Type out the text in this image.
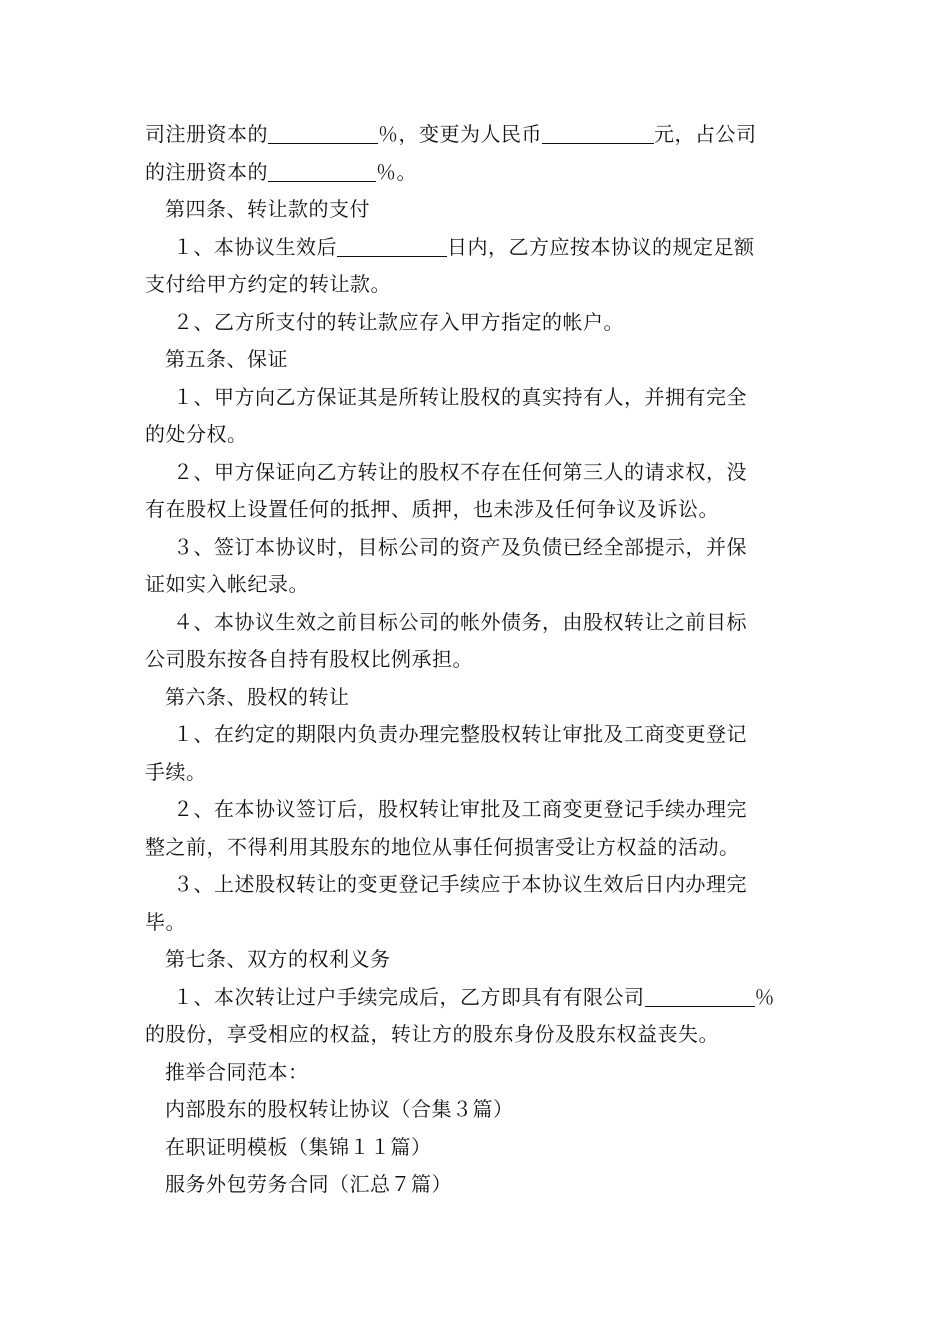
司注册资本的	％，变更为人民币	元，占公司
的注册资本的	％。
第四条、转让款的支付
１、本协议生效后	日内，乙方应按本协议的规定足额
支付给甲方约定的转让款。
２、乙方所支付的转让款应存入甲方指定的帐户。
第五条、保证
１、甲方向乙方保证其是所转让股权的真实持有人，并拥有完全
的处分权。
２、甲方保证向乙方转让的股权不存在任何第三人的请求权，没
有在股权上设置任何的抵押、质押，也未涉及任何争议及诉讼。
３、签订本协议时，目标公司的资产及负债已经全部提示，并保
证如实入帐纪录。
４、本协议生效之前目标公司的帐外债务，由股权转让之前目标
公司股东按各自持有股权比例承担。
第六条、股权的转让
１、在约定的期限内负责办理完整股权转让审批及工商变更登记
手续。
２、在本协议签订后，股权转让审批及工商变更登记手续办理完
整之前，不得利用其股东的地位从事任何损害受让方权益的活动。
３、上述股权转让的变更登记手续应于本协议生效后日内办理完
毕。
第七条、双方的权利义务
１、本次转让过户手续完成后，乙方即具有有限公司	％
的股份，享受相应的权益，转让方的股东身份及股东权益丧失。
推举合同范本：
内部股东的股权转让协议（合集３篇）
在职证明模板（集锦１１篇）
服务外包劳务合同（汇总７篇）
